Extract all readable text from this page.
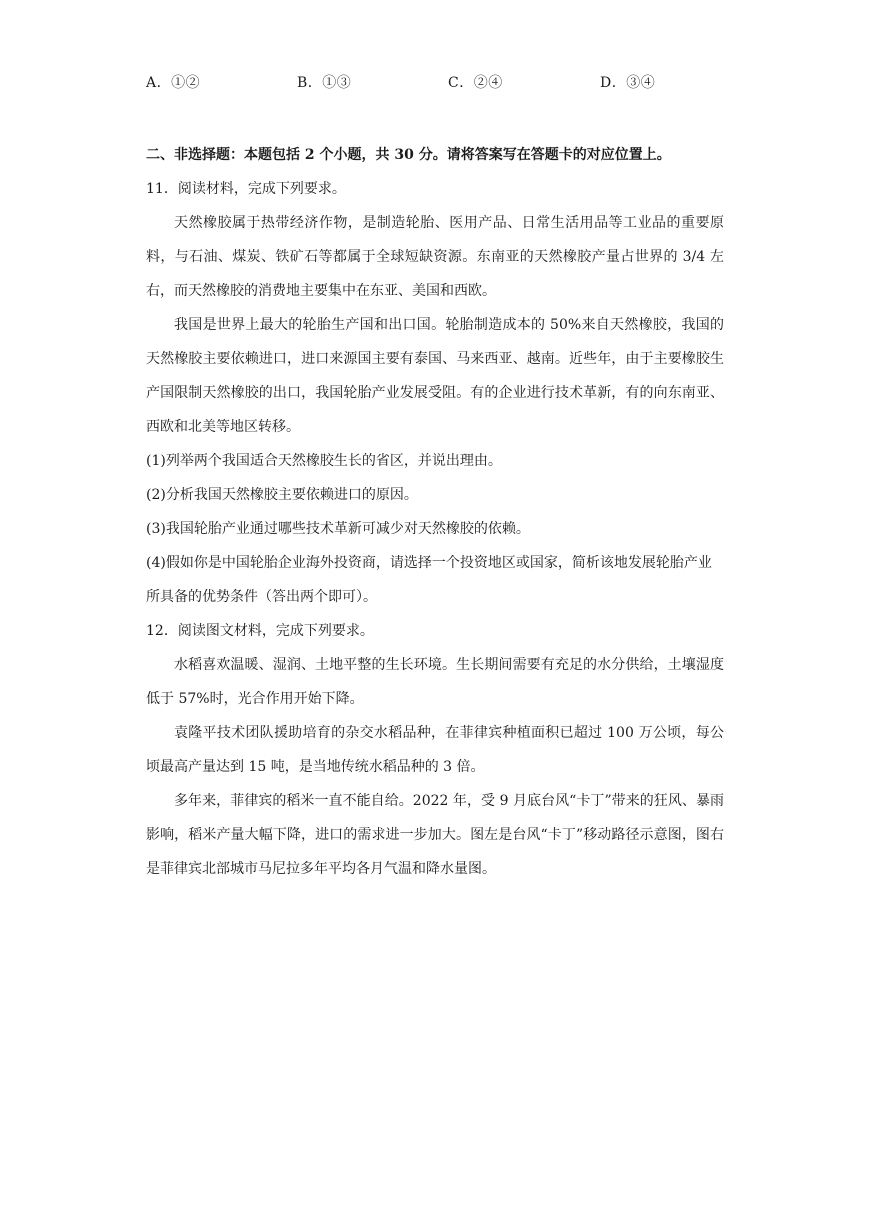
A．①②	B．①③	C．②④	D．③④

二、非选择题：本题包括 2 个小题，共 30 分。请将答案写在答题卡的对应位置上。

11．阅读材料，完成下列要求。

天然橡胶属于热带经济作物，是制造轮胎、医用产品、日常生活用品等工业品的重要原料，与石油、煤炭、铁矿石等都属于全球短缺资源。东南亚的天然橡胶产量占世界的 3/4 左右，而天然橡胶的消费地主要集中在东亚、美国和西欧。

我国是世界上最大的轮胎生产国和出口国。轮胎制造成本的 50%来自天然橡胶，我国的天然橡胶主要依赖进口，进口来源国主要有泰国、马来西亚、越南。近些年，由于主要橡胶生产国限制天然橡胶的出口，我国轮胎产业发展受阻。有的企业进行技术革新，有的向东南亚、西欧和北美等地区转移。

(1)列举两个我国适合天然橡胶生长的省区，并说出理由。

(2)分析我国天然橡胶主要依赖进口的原因。

(3)我国轮胎产业通过哪些技术革新可减少对天然橡胶的依赖。

(4)假如你是中国轮胎企业海外投资商，请选择一个投资地区或国家，简析该地发展轮胎产业所具备的优势条件（答出两个即可）。

12．阅读图文材料，完成下列要求。

水稻喜欢温暖、湿润、土地平整的生长环境。生长期间需要有充足的水分供给，土壤湿度低于 57%时，光合作用开始下降。

袁隆平技术团队援助培育的杂交水稻品种，在菲律宾种植面积已超过 100 万公顷，每公顷最高产量达到 15 吨，是当地传统水稻品种的 3 倍。

多年来，菲律宾的稻米一直不能自给。2022 年，受 9 月底台风“卡丁”带来的狂风、暴雨影响，稻米产量大幅下降，进口的需求进一步加大。图左是台风“卡丁”移动路径示意图，图右是菲律宾北部城市马尼拉多年平均各月气温和降水量图。
